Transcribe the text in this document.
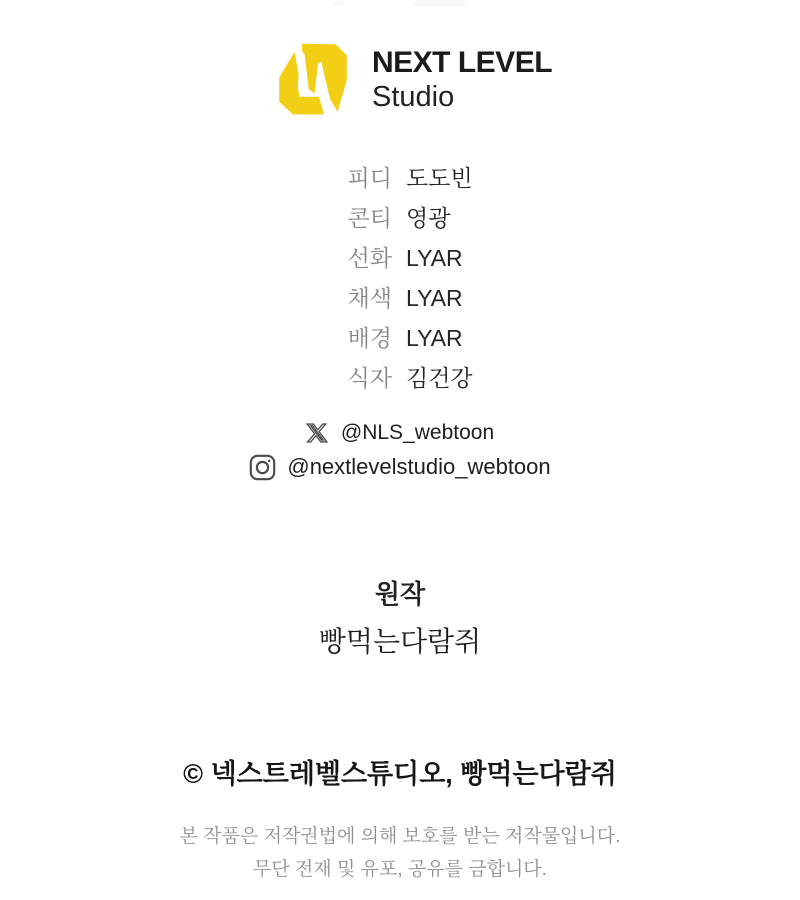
NEXT LEVEL
Studio
피디 도도빈
콘티 영광
선화 LYAR
채색 LYAR
배경 LYAR
식자 김건강
@NLS_webtoon
@nextlevelstudio_webtoon
원작
빵먹는다람쥐
© 넥스트레벨스튜디오, 빵먹는다람쥐
본 작품은 저작권법에 의해 보호를 받는 저작물입니다.
무단 전재 및 유포, 공유를 금합니다.
